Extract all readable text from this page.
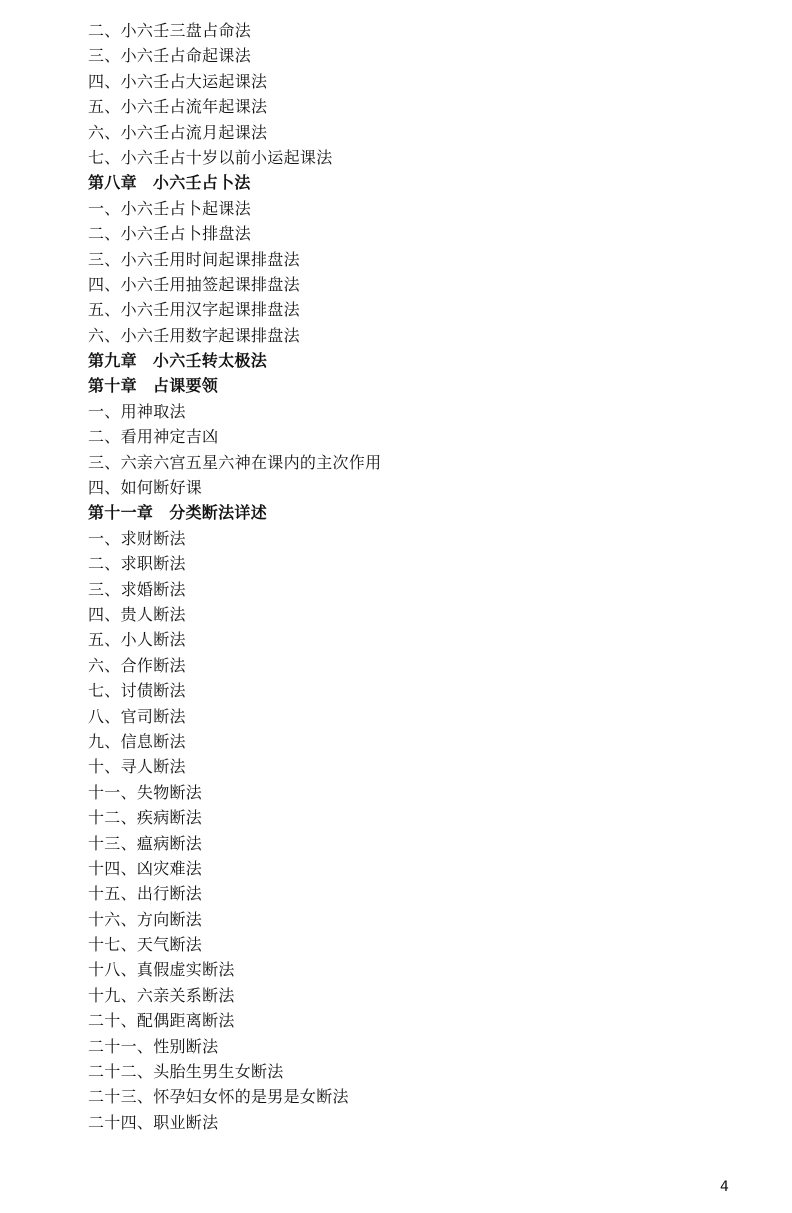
二、小六壬三盘占命法
三、小六壬占命起课法
四、小六壬占大运起课法
五、小六壬占流年起课法
六、小六壬占流月起课法
七、小六壬占十岁以前小运起课法
第八章 小六壬占卜法
一、小六壬占卜起课法
二、小六壬占卜排盘法
三、小六壬用时间起课排盘法
四、小六壬用抽签起课排盘法
五、小六壬用汉字起课排盘法
六、小六壬用数字起课排盘法
第九章 小六壬转太极法
第十章 占课要领
一、用神取法
二、看用神定吉凶
三、六亲六宫五星六神在课内的主次作用
四、如何断好课
第十一章 分类断法详述
一、求财断法
二、求职断法
三、求婚断法
四、贵人断法
五、小人断法
六、合作断法
七、讨债断法
八、官司断法
九、信息断法
十、寻人断法
十一、失物断法
十二、疾病断法
十三、瘟病断法
十四、凶灾难法
十五、出行断法
十六、方向断法
十七、天气断法
十八、真假虚实断法
十九、六亲关系断法
二十、配偶距离断法
二十一、性别断法
二十二、头胎生男生女断法
二十三、怀孕妇女怀的是男是女断法
二十四、职业断法
4
